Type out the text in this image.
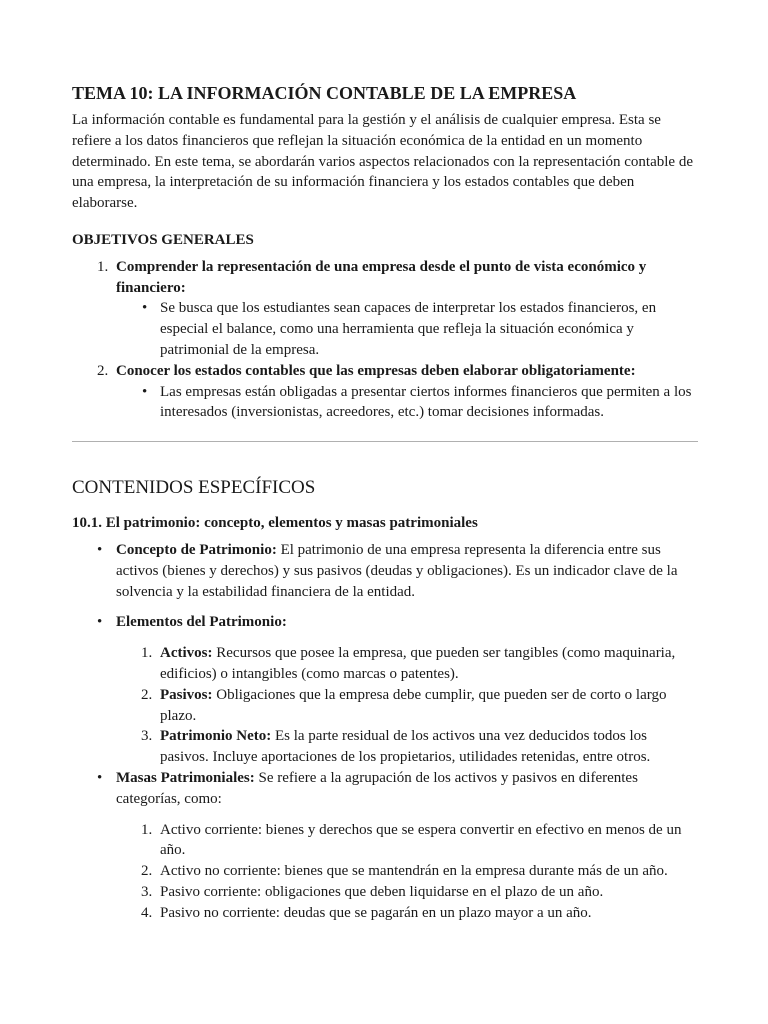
TEMA 10: LA INFORMACIÓN CONTABLE DE LA EMPRESA

La información contable es fundamental para la gestión y el análisis de cualquier empresa. Esta se refiere a los datos financieros que reflejan la situación económica de la entidad en un momento determinado. En este tema, se abordarán varios aspectos relacionados con la representación contable de una empresa, la interpretación de su información financiera y los estados contables que deben elaborarse.

OBJETIVOS GENERALES
1. Comprender la representación de una empresa desde el punto de vista económico y financiero:
• Se busca que los estudiantes sean capaces de interpretar los estados financieros, en especial el balance, como una herramienta que refleja la situación económica y patrimonial de la empresa.
2. Conocer los estados contables que las empresas deben elaborar obligatoriamente:
• Las empresas están obligadas a presentar ciertos informes financieros que permiten a los interesados (inversionistas, acreedores, etc.) tomar decisiones informadas.
CONTENIDOS ESPECÍFICOS
10.1. El patrimonio: concepto, elementos y masas patrimoniales
• Concepto de Patrimonio: El patrimonio de una empresa representa la diferencia entre sus activos (bienes y derechos) y sus pasivos (deudas y obligaciones). Es un indicador clave de la solvencia y la estabilidad financiera de la entidad.
• Elementos del Patrimonio:
1. Activos: Recursos que posee la empresa, que pueden ser tangibles (como maquinaria, edificios) o intangibles (como marcas o patentes).
2. Pasivos: Obligaciones que la empresa debe cumplir, que pueden ser de corto o largo plazo.
3. Patrimonio Neto: Es la parte residual de los activos una vez deducidos todos los pasivos. Incluye aportaciones de los propietarios, utilidades retenidas, entre otros.
• Masas Patrimoniales: Se refiere a la agrupación de los activos y pasivos en diferentes categorías, como:
1. Activo corriente: bienes y derechos que se espera convertir en efectivo en menos de un año.
2. Activo no corriente: bienes que se mantendrán en la empresa durante más de un año.
3. Pasivo corriente: obligaciones que deben liquidarse en el plazo de un año.
4. Pasivo no corriente: deudas que se pagarán en un plazo mayor a un año.
